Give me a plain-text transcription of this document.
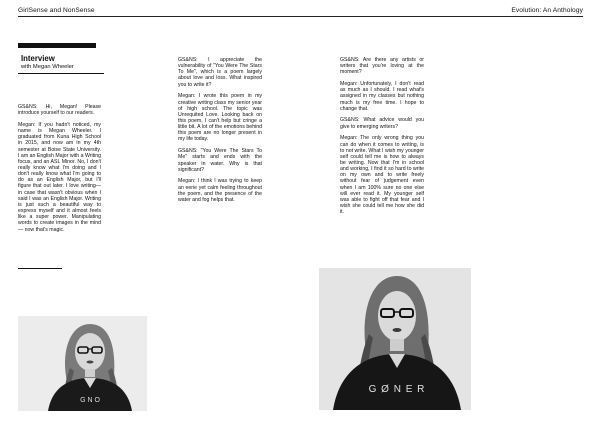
GirlSense and NonSense	Evolution: An Anthology
Interview
with Megan Wheeler

GS&NS: Hi, Megan! Please introduce yourself to our readers.

Megan: If you hadn't noticed, my name is Megan Wheeler. I graduated from Kuna High School in 2015, and now am in my 4th semester at Boise State University. I am an English Major with a Writing focus, and an ASL Minor. No, I don't really know what I'm doing and I don't really know what I'm going to do as an English Major, but I'll figure that out later. I love writing— in case that wasn't obvious when I said I was an English Major. Writing is just such a beautiful way to express myself and it almost feels like a super power. Manipulating words to create images in the mind— now that's magic.

GS&NS: I appreciate the vulnerability of "You Were The Stars To Me", which is a poem largely about love and loss. What inspired you to write it?

Megan: I wrote this poem in my creative writing class my senior year of high school. The topic was Unrequited Love. Looking back on this poem, I can't help but cringe a little bit. A lot of the emotions behind this poem are no longer present in my life today.

GS&NS: "You Were The Stars To Me" starts and ends with the speaker in water. Why is that significant?

Megan: I think I was trying to keep an eerie yet calm feeling throughout the poem, and the presence of the water and fog helps that.

GS&NS: Are there any artists or writers that you're loving at the moment?

Megan: Unfortunately, I don't read as much as I should. I read what's assigned in my classes but nothing much is my free time. I hope to change that.

GS&NS: What advice would you give to emerging writers?

Megan: The only wrong thing you can do when it comes to writing, is to not write. What I wish my younger self could tell me is how to always be writing. Now that I'm in school and working, I find it so hard to write on my own and to write freely without fear of judgement even when I am 100% sure no one else will ever read it. My younger self was able to fight off that fear and I wish she could tell me how she did it.

G N O
G Ø N E R
